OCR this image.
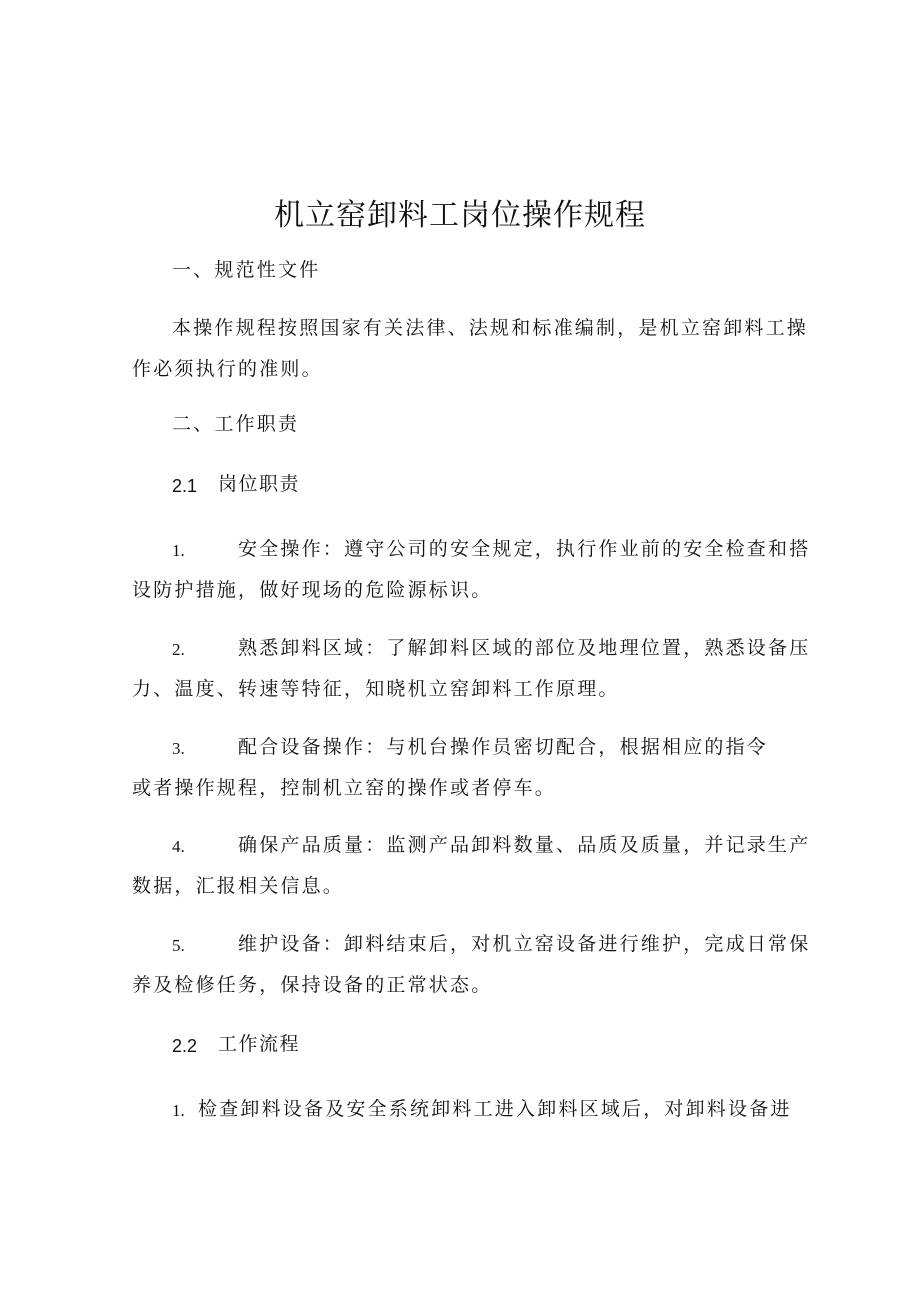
机立窑卸料工岗位操作规程
一、规范性文件
本操作规程按照国家有关法律、法规和标准编制，是机立窑卸料工操
作必须执行的准则。
二、工作职责
2.1 岗位职责
1.	安全操作：遵守公司的安全规定，执行作业前的安全检查和搭
设防护措施，做好现场的危险源标识。
2.	熟悉卸料区域：了解卸料区域的部位及地理位置，熟悉设备压
力、温度、转速等特征，知晓机立窑卸料工作原理。
3.	配合设备操作：与机台操作员密切配合，根据相应的指令
或者操作规程，控制机立窑的操作或者停车。
4.	确保产品质量：监测产品卸料数量、品质及质量，并记录生产
数据，汇报相关信息。
5.	维护设备：卸料结束后，对机立窑设备进行维护，完成日常保
养及检修任务，保持设备的正常状态。
2.2 工作流程
1. 检查卸料设备及安全系统卸料工进入卸料区域后，对卸料设备进
